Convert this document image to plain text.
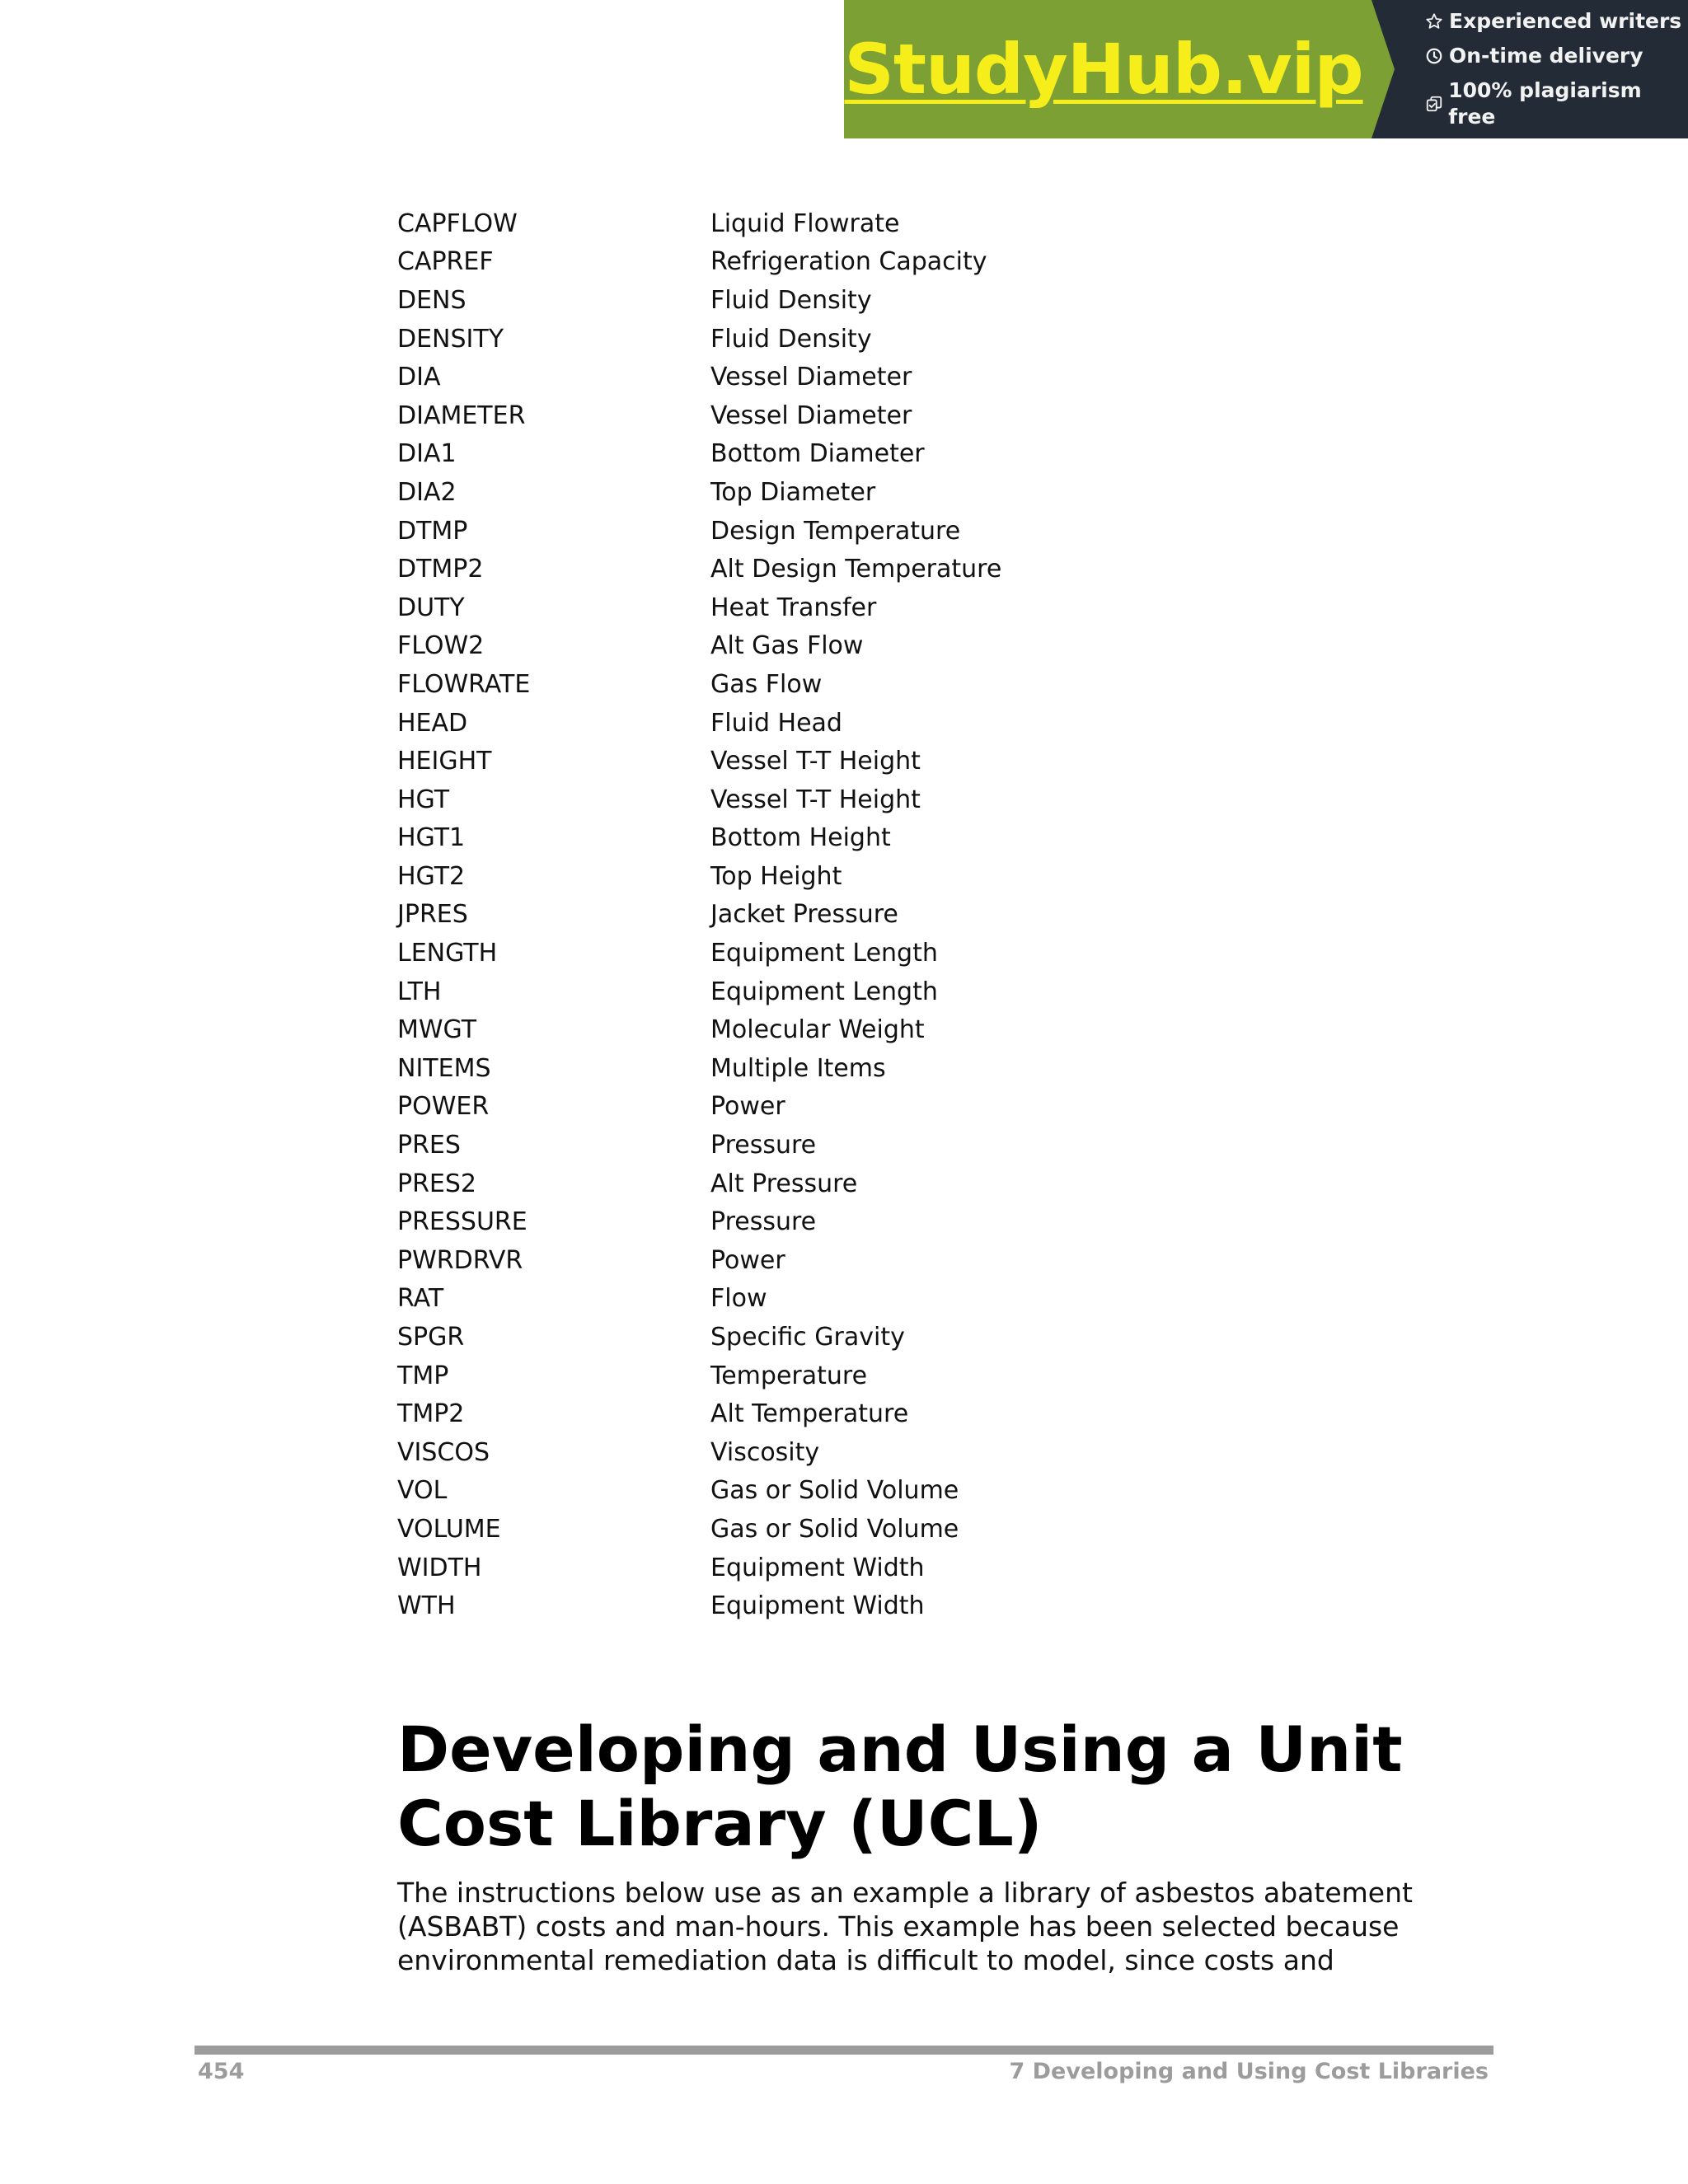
StudyHub.vip
Experienced writers
On-time delivery
100% plagiarism free
CAPFLOW	Liquid Flowrate
CAPREF	Refrigeration Capacity
DENS	Fluid Density
DENSITY	Fluid Density
DIA	Vessel Diameter
DIAMETER	Vessel Diameter
DIA1	Bottom Diameter
DIA2	Top Diameter
DTMP	Design Temperature
DTMP2	Alt Design Temperature
DUTY	Heat Transfer
FLOW2	Alt Gas Flow
FLOWRATE	Gas Flow
HEAD	Fluid Head
HEIGHT	Vessel T-T Height
HGT	Vessel T-T Height
HGT1	Bottom Height
HGT2	Top Height
JPRES	Jacket Pressure
LENGTH	Equipment Length
LTH	Equipment Length
MWGT	Molecular Weight
NITEMS	Multiple Items
POWER	Power
PRES	Pressure
PRES2	Alt Pressure
PRESSURE	Pressure
PWRDRVR	Power
RAT	Flow
SPGR	Specific Gravity
TMP	Temperature
TMP2	Alt Temperature
VISCOS	Viscosity
VOL	Gas or Solid Volume
VOLUME	Gas or Solid Volume
WIDTH	Equipment Width
WTH	Equipment Width
Developing and Using a Unit Cost Library (UCL)

The instructions below use as an example a library of asbestos abatement (ASBABT) costs and man-hours. This example has been selected because environmental remediation data is difficult to model, since costs and

454	7 Developing and Using Cost Libraries
